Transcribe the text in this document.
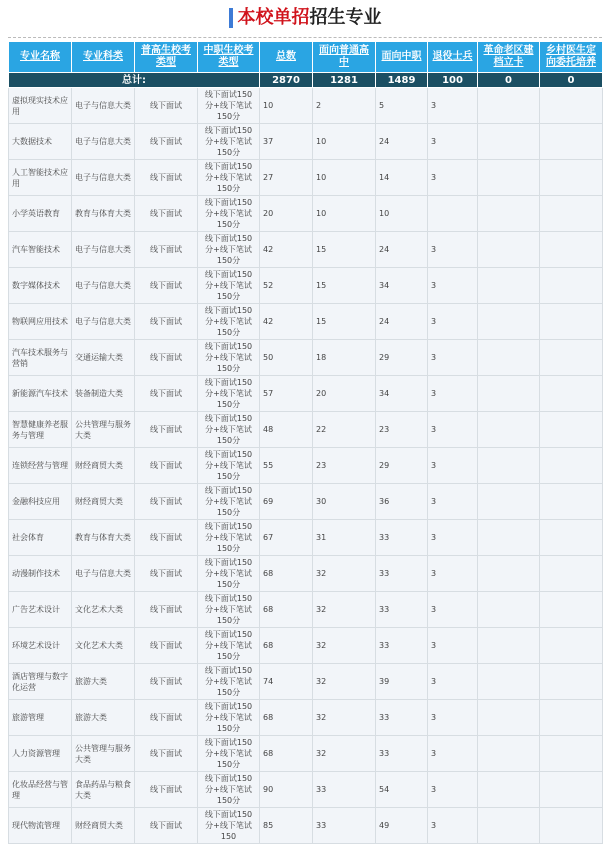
本校单招 招生专业
专业名称	专业科类	普高生校考类型	中职生校考类型	总数	面向普通高中	面向中职	退役士兵	革命老区建档立卡	乡村医生定向委托培养
总计:				2870	1281	1489	100	0	0
虚拟现实技术应用	电子与信息大类	线下面试	线下面试150分+线下笔试150分	10	2	5	3		
大数据技术	电子与信息大类	线下面试	线下面试150分+线下笔试150分	37	10	24	3		
人工智能技术应用	电子与信息大类	线下面试	线下面试150分+线下笔试150分	27	10	14	3		
小学英语教育	教育与体育大类	线下面试	线下面试150分+线下笔试150分	20	10	10			
汽车智能技术	电子与信息大类	线下面试	线下面试150分+线下笔试150分	42	15	24	3		
数字媒体技术	电子与信息大类	线下面试	线下面试150分+线下笔试150分	52	15	34	3		
物联网应用技术	电子与信息大类	线下面试	线下面试150分+线下笔试150分	42	15	24	3		
汽车技术服务与营销	交通运输大类	线下面试	线下面试150分+线下笔试150分	50	18	29	3		
新能源汽车技术	装备制造大类	线下面试	线下面试150分+线下笔试150分	57	20	34	3		
智慧健康养老服务与管理	公共管理与服务大类	线下面试	线下面试150分+线下笔试150分	48	22	23	3		
连锁经营与管理	财经商贸大类	线下面试	线下面试150分+线下笔试150分	55	23	29	3		
金融科技应用	财经商贸大类	线下面试	线下面试150分+线下笔试150分	69	30	36	3		
社会体育	教育与体育大类	线下面试	线下面试150分+线下笔试150分	67	31	33	3		
动漫制作技术	电子与信息大类	线下面试	线下面试150分+线下笔试150分	68	32	33	3		
广告艺术设计	文化艺术大类	线下面试	线下面试150分+线下笔试150分	68	32	33	3		
环境艺术设计	文化艺术大类	线下面试	线下面试150分+线下笔试150分	68	32	33	3		
酒店管理与数字化运营	旅游大类	线下面试	线下面试150分+线下笔试150分	74	32	39	3		
旅游管理	旅游大类	线下面试	线下面试150分+线下笔试150分	68	32	33	3		
人力资源管理	公共管理与服务大类	线下面试	线下面试150分+线下笔试150分	68	32	33	3		
化妆品经营与管理	食品药品与粮食大类	线下面试	线下面试150分+线下笔试150分	90	33	54	3		
现代物流管理	财经商贸大类	线下面试	线下面试150分+线下笔试150	85	33	49	3		
